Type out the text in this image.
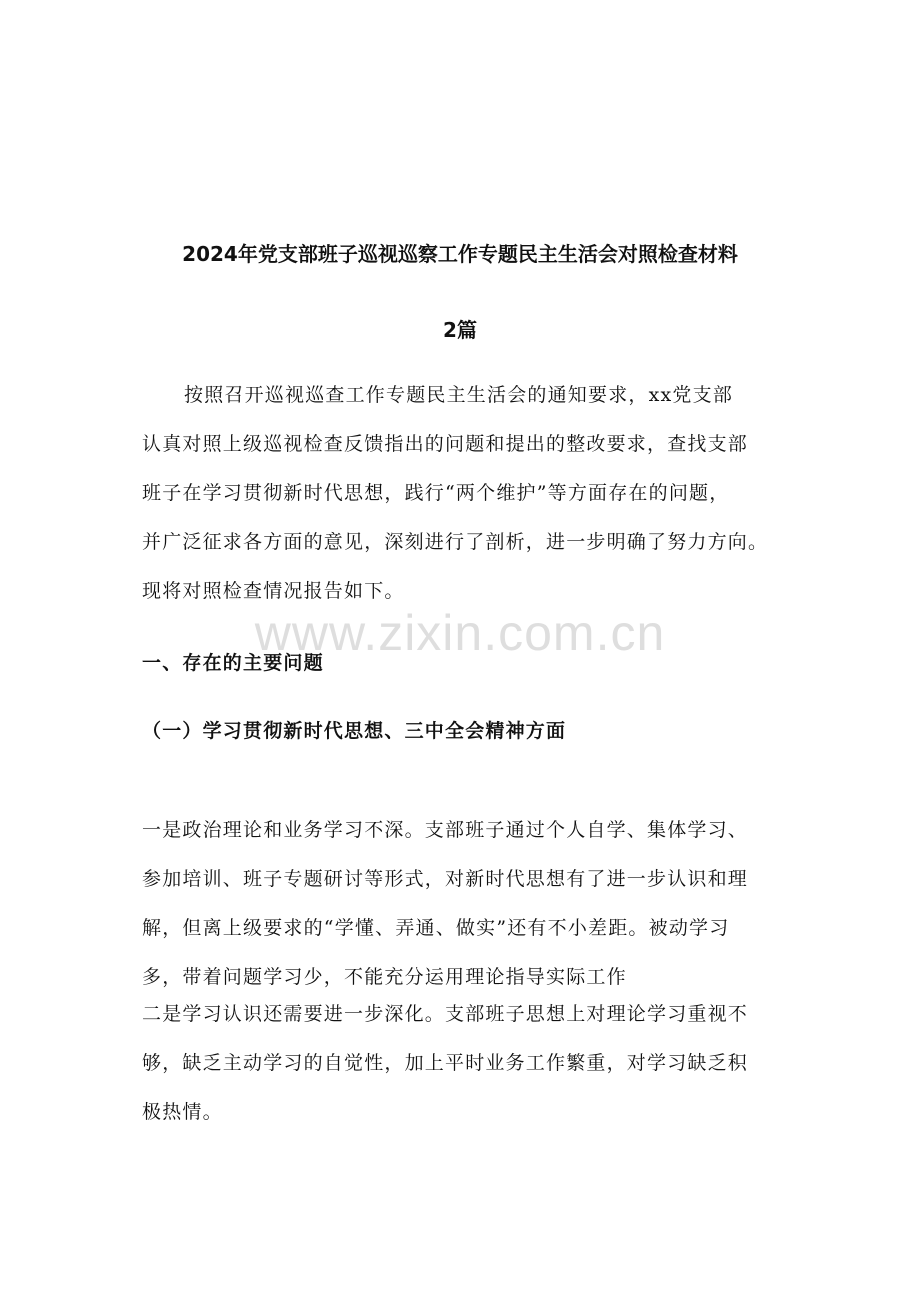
2024年党支部班子巡视巡察工作专题民主生活会对照检查材料
2篇
按照召开巡视巡查工作专题民主生活会的通知要求，xx党支部
认真对照上级巡视检查反馈指出的问题和提出的整改要求，查找支部
班子在学习贯彻新时代思想，践行“两个维护”等方面存在的问题，
并广泛征求各方面的意见，深刻进行了剖析，进一步明确了努力方向。
现将对照检查情况报告如下。
www.zixin.com.cn
一、存在的主要问题
（一）学习贯彻新时代思想、三中全会精神方面
一是政治理论和业务学习不深。支部班子通过个人自学、集体学习、
参加培训、班子专题研讨等形式，对新时代思想有了进一步认识和理
解，但离上级要求的“学懂、弄通、做实”还有不小差距。被动学习
多，带着问题学习少，不能充分运用理论指导实际工作
二是学习认识还需要进一步深化。支部班子思想上对理论学习重视不
够，缺乏主动学习的自觉性，加上平时业务工作繁重，对学习缺乏积
极热情。
